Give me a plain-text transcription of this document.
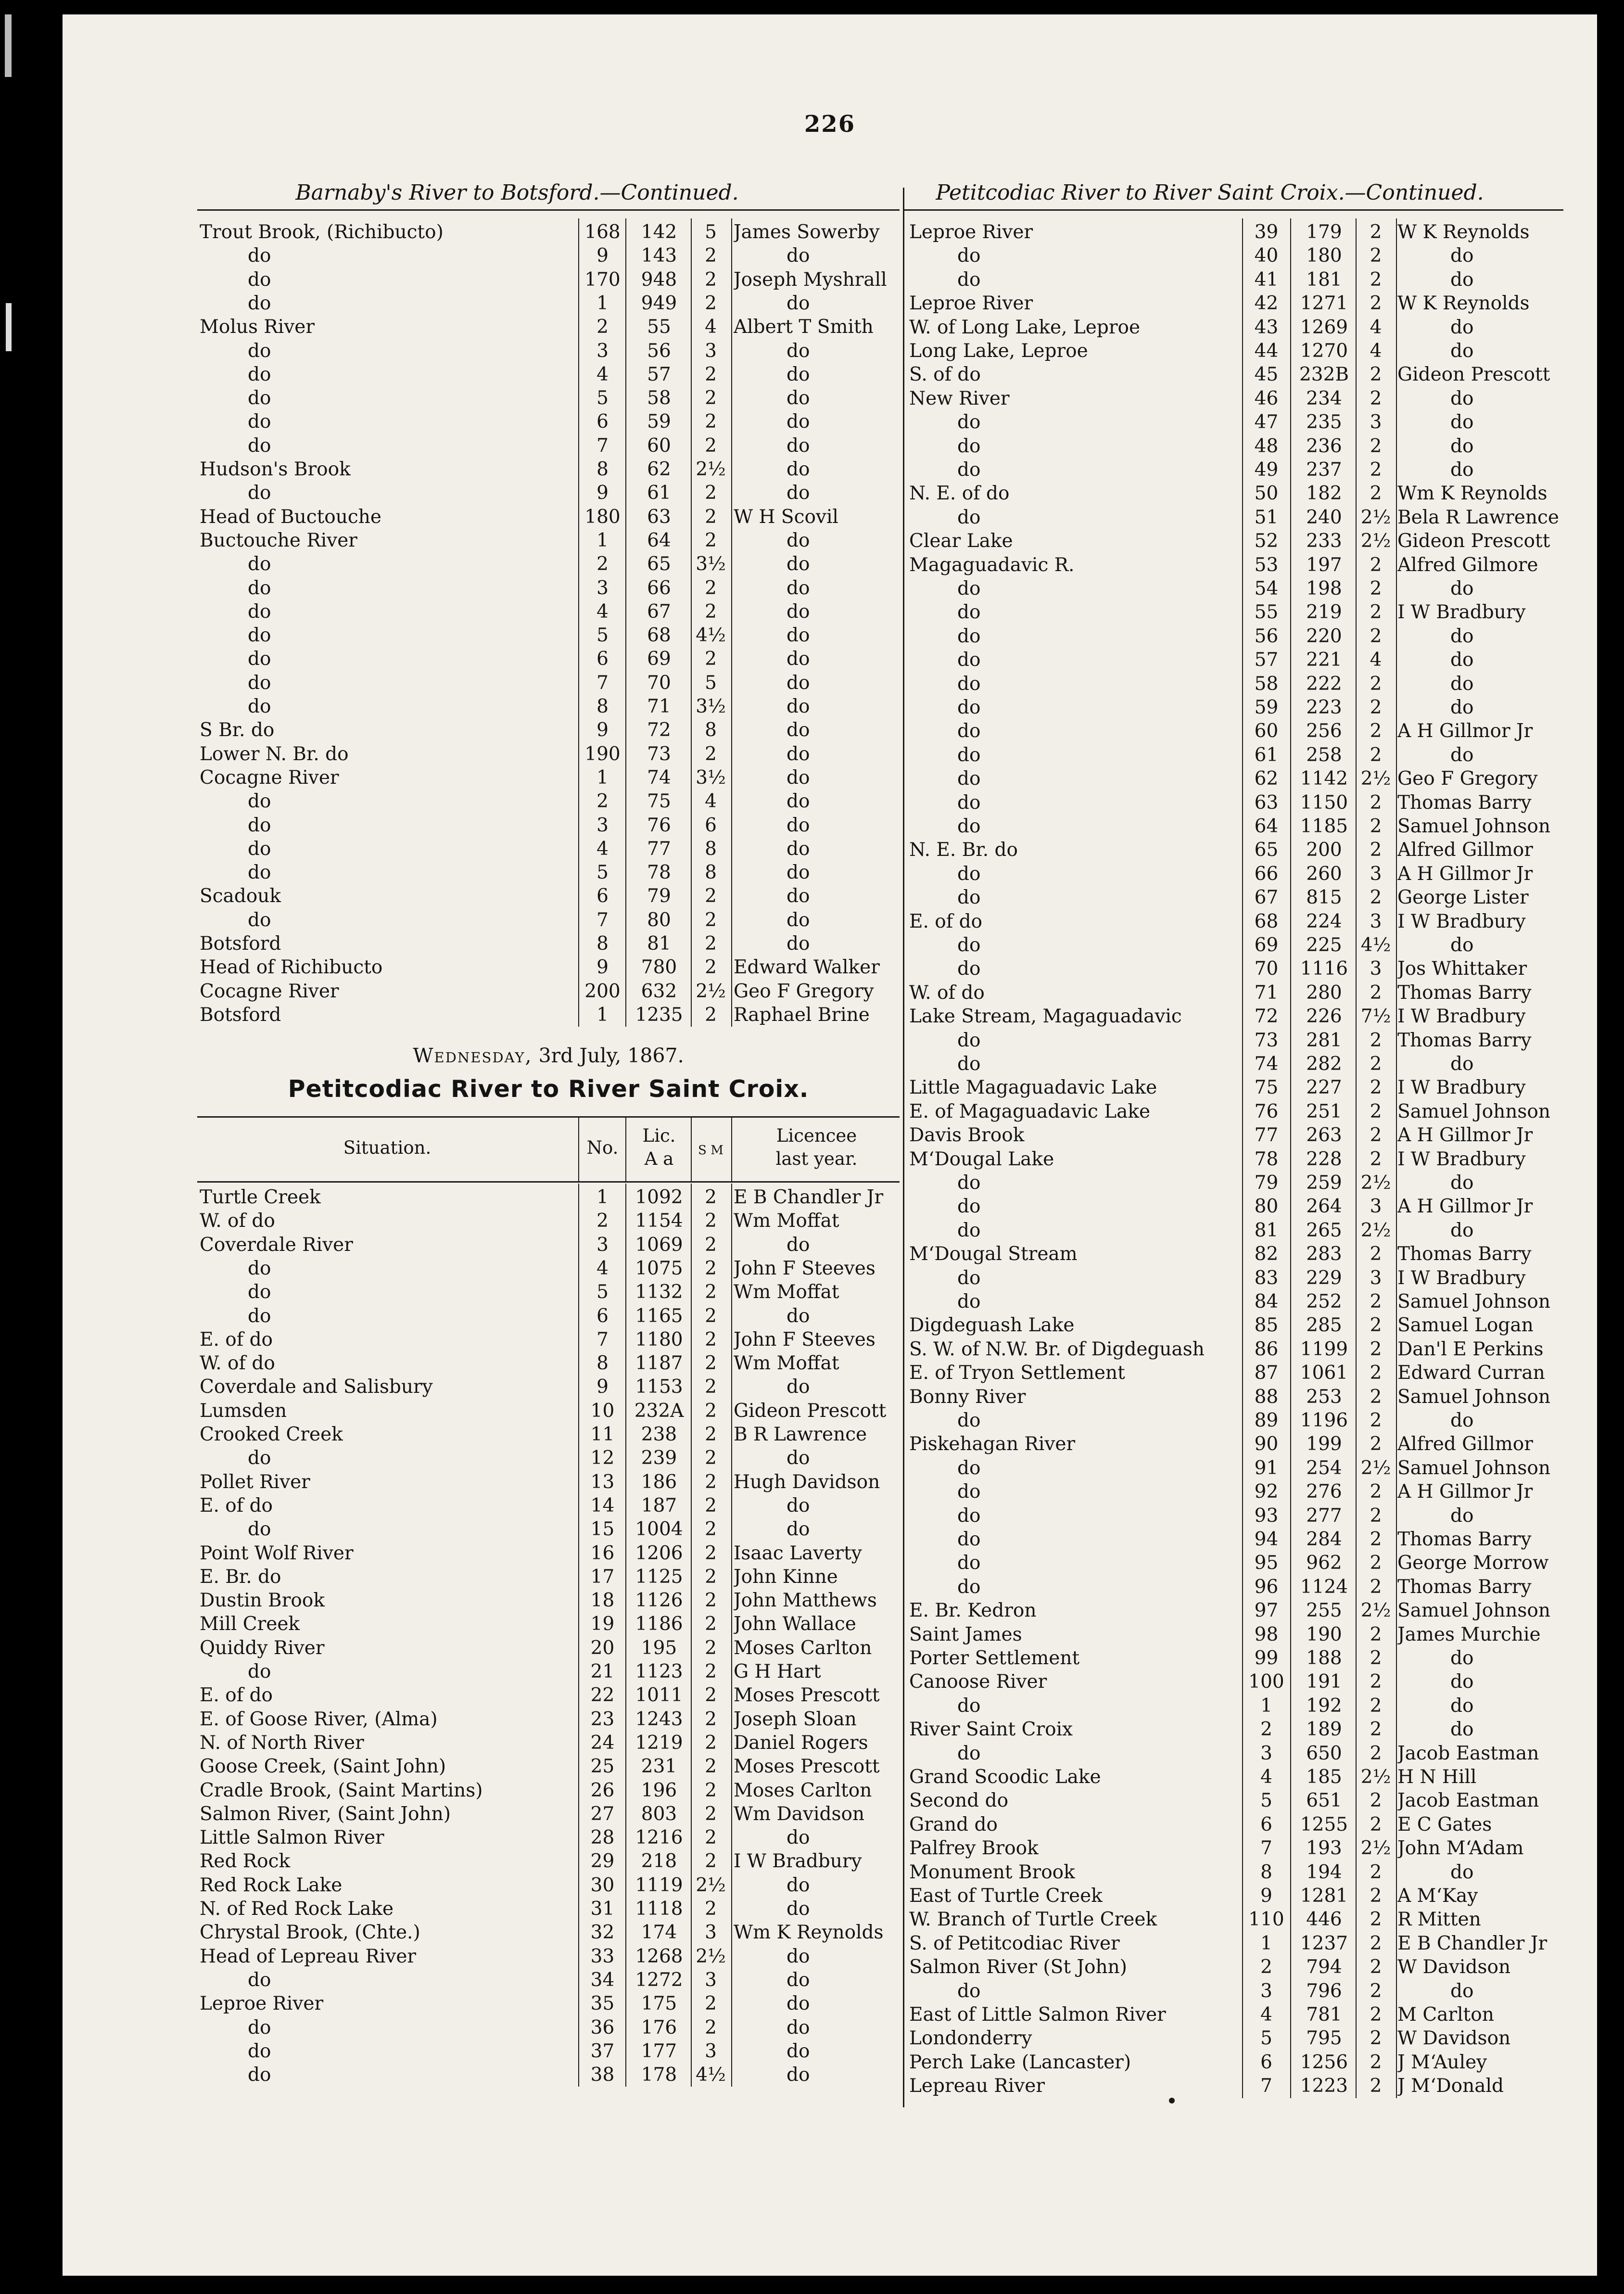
226
Barnaby's River to Botsford.—Continued.	Petitcodiac River to River Saint Croix.—Continued.
Trout Brook, (Richibucto)	168	142	5 James Sowerby
do	9	143	2	do
do	170	948	2 Joseph Myshrall
do	1	949	2	do
Molus River	2	55	4 Albert T Smith
do	3	56	3	do
do	4	57	2	do
do	5	58	2	do
do	6	59	2	do
do	7	60	2	do
Hudson's Brook	8	62	2½	do
do	9	61	2	do
Head of Buctouche	180	63	2 W H Scovil
Buctouche River	1	64	2	do
do	2	65	3½	do
do	3	66	2	do
do	4	67	2	do
do	5	68	4½	do
do	6	69	2	do
do	7	70	5	do
do	8	71	3½	do
S Br. do	9	72	8	do
Lower N. Br. do	190	73	2	do
Cocagne River	1	74	3½	do
do	2	75	4	do
do	3	76	6	do
do	4	77	8	do
do	5	78	8	do
Scadouk	6	79	2	do
do	7	80	2	do
Botsford	8	81	2	do
Head of Richibucto	9	780	2 Edward Walker
Cocagne River	200	632 2½ Geo F Gregory
Botsford	1	1235	2 Raphael Brine
Wednesday, 3rd July, 1867.
Petitcodiac River to River Saint Croix.
Situation.	No.
Lic.
A a	S M
Licencee
last year.
Turtle Creek	1	1092	2 E B Chandler Jr
W. of do	2	1154	2 Wm Moffat
Coverdale River	3	1069	2	do
do	4	1075	2 John F Steeves
do	5	1132	2 Wm Moffat
do	6	1165	2	do
E. of do	7	1180	2 John F Steeves
W. of do	8	1187	2 Wm Moffat
Coverdale and Salisbury	9	1153	2	do
Lumsden	10	232A	2 Gideon Prescott
Crooked Creek	11	238	2 B R Lawrence
do	12	239	2	do
Pollet River	13	186	2 Hugh Davidson
E. of do	14	187	2	do
do	15	1004	2	do
Point Wolf River	16	1206	2 Isaac Laverty
E. Br. do	17	1125	2 John Kinne
Dustin Brook	18	1126	2 John Matthews
Mill Creek	19	1186	2 John Wallace
Quiddy River	20	195	2 Moses Carlton
do	21	1123	2 G H Hart
E. of do	22	1011	2 Moses Prescott
E. of Goose River, (Alma)	23	1243	2 Joseph Sloan
N. of North River	24	1219	2 Daniel Rogers
Goose Creek, (Saint John)	25	231	2 Moses Prescott
Cradle Brook, (Saint Martins)	26	196	2 Moses Carlton
Salmon River, (Saint John)	27	803	2 Wm Davidson
Little Salmon River	28	1216	2	do
Red Rock	29	218	2 I W Bradbury
Red Rock Lake	30	1119 2½	do
N. of Red Rock Lake	31	1118	2	do
Chrystal Brook, (Chte.)	32	174	3 Wm K Reynolds
Head of Lepreau River	33	1268 2½	do
do	34	1272	3	do
Leproe River	35	175	2	do
do	36	176	2	do
do	37	177	3	do
do	38	178 4½	do
Leproe River	39	179	2 W K Reynolds
do	40	180	2	do
do	41	181	2	do
Leproe River	42	1271	2 W K Reynolds
W. of Long Lake, Leproe	43	1269	4	do
Long Lake, Leproe	44	1270	4	do
S. of do	45	232B	2 Gideon Prescott
New River	46	234	2	do
do	47	235	3	do
do	48	236	2	do
do	49	237	2	do
N. E. of do	50	182	2 Wm K Reynolds
do	51	240 2½ Bela R Lawrence
Clear Lake	52	233 2½ Gideon Prescott
Magaguadavic R.	53	197	2 Alfred Gilmore
do	54	198	2	do
do	55	219	2 I W Bradbury
do	56	220	2	do
do	57	221	4	do
do	58	222	2	do
do	59	223	2	do
do	60	256	2 A H Gillmor Jr
do	61	258	2	do
do	62	1142 2½ Geo F Gregory
do	63	1150	2 Thomas Barry
do	64	1185	2 Samuel Johnson
N. E. Br. do	65	200	2 Alfred Gillmor
do	66	260	3 A H Gillmor Jr
do	67	815	2 George Lister
E. of do	68	224	3 I W Bradbury
do	69	225 4½	do
do	70	1116	3 Jos Whittaker
W. of do	71	280	2 Thomas Barry
Lake Stream, Magaguadavic	72	226 7½ I W Bradbury
do	73	281	2 Thomas Barry
do	74	282	2	do
Little Magaguadavic Lake	75	227	2 I W Bradbury
E. of Magaguadavic Lake	76	251	2 Samuel Johnson
Davis Brook	77	263	2 A H Gillmor Jr
M‘Dougal Lake	78	228	2 I W Bradbury
do	79	259 2½	do
do	80	264	3 A H Gillmor Jr
do	81	265 2½	do
M‘Dougal Stream	82	283	2 Thomas Barry
do	83	229	3 I W Bradbury
do	84	252	2 Samuel Johnson
Digdeguash Lake	85	285	2 Samuel Logan
S. W. of N.W. Br. of Digdeguash	86	1199	2 Dan'l E Perkins
E. of Tryon Settlement	87	1061	2 Edward Curran
Bonny River	88	253	2 Samuel Johnson
do	89	1196	2	do
Piskehagan River	90	199	2 Alfred Gillmor
do	91	254 2½ Samuel Johnson
do	92	276	2 A H Gillmor Jr
do	93	277	2	do
do	94	284	2 Thomas Barry
do	95	962	2 George Morrow
do	96	1124	2 Thomas Barry
E. Br. Kedron	97	255 2½ Samuel Johnson
Saint James	98	190	2 James Murchie
Porter Settlement	99	188	2	do
Canoose River	100	191	2	do
do	1	192	2	do
River Saint Croix	2	189	2	do
do	3	650	2 Jacob Eastman
Grand Scoodic Lake	4	185 2½ H N Hill
Second do	5	651	2 Jacob Eastman
Grand do	6	1255	2 E C Gates
Palfrey Brook	7	193 2½ John M‘Adam
Monument Brook	8	194	2	do
East of Turtle Creek	9	1281	2 A M‘Kay
W. Branch of Turtle Creek	110	446	2 R Mitten
S. of Petitcodiac River	1	1237	2 E B Chandler Jr
Salmon River (St John)	2	794	2 W Davidson
do	3	796	2	do
East of Little Salmon River	4	781	2 M Carlton
Londonderry	5	795	2 W Davidson
Perch Lake (Lancaster)	6	1256	2 J M‘Auley
Lepreau River	7	1223	2 J M‘Donald
